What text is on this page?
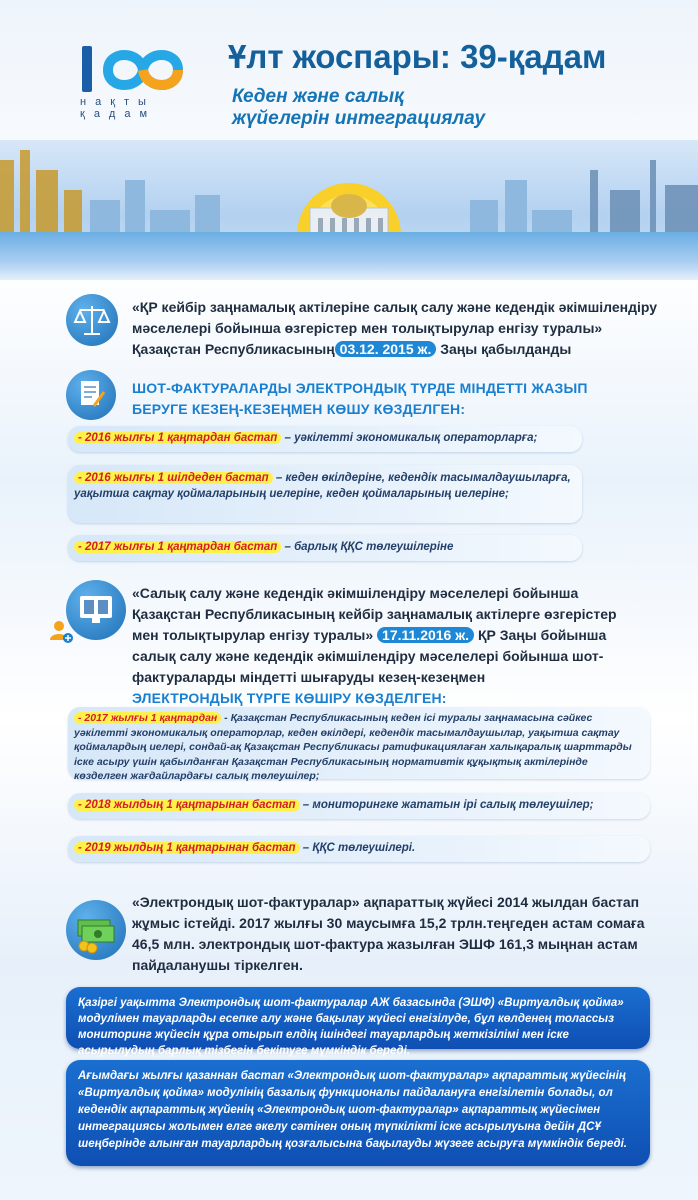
нақты
қадам
Ұлт жоспары: 39-қадам
Кеден және салық жүйелерін интеграциялау
«ҚР кейбір заңнамалық актілеріне салық салу және кедендік әкімшілендіру мәселелері бойынша өзгерістер мен толықтырулар енгізу туралы» Қазақстан Республикасының 03.12. 2015 ж. Заңы қабылданды
ШОТ-ФАКТУРАЛАРДЫ ЭЛЕКТРОНДЫҚ ТҮРДЕ МІНДЕТТІ ЖАЗЫП БЕРУГЕ КЕЗЕҢ-КЕЗЕҢМЕН КӨШУ КӨЗДЕЛГЕН:
- 2016 жылғы 1 қаңтардан бастап – уәкілетті экономикалық операторларға;
- 2016 жылғы 1 шілдеден бастап – кеден өкілдеріне, кедендік тасымалдаушыларға, уақытша сақтау қоймаларының иелеріне, кеден қоймаларының иелеріне;
- 2017 жылғы 1 қаңтардан бастап – барлық ҚҚС төлеушілеріне
«Салық салу және кедендік әкімшілендіру мәселелері бойынша Қазақстан Республикасының кейбір заңнамалық актілерге өзгерістер мен толықтырулар енгізу туралы» 17.11.2016 ж. ҚР Заңы бойынша салық салу және кедендік әкімшілендіру мәселелері бойынша шот-фактураларды міндетті шығаруды кезең-кезеңмен
ЭЛЕКТРОНДЫҚ ТҮРГЕ КӨШІРУ КӨЗДЕЛГЕН:
- 2017 жылғы 1 қаңтардан - Қазақстан Республикасының кеден ісі туралы заңнамасына сәйкес уәкілетті экономикалық операторлар, кеден өкілдері, кедендік тасымалдаушылар, уақытша сақтау қоймалардың иелері, сондай-ақ Қазақстан Республикасы ратификациялаған халықаралық шарттарды іске асыру үшін қабылданған Қазақстан Республикасының нормативтік құқықтық актілерінде көзделген жағдайлардағы салық төлеушілер;
- 2018 жылдың 1 қаңтарынан бастап – мониторингке жататын ірі салық төлеушілер;
- 2019 жылдың 1 қаңтарынан бастап – ҚҚС төлеушілері.
«Электрондық шот-фактуралар» ақпараттық жүйесі 2014 жылдан бастап жұмыс істейді. 2017 жылғы 30 маусымға 15,2 трлн.теңгеден астам сомаға 46,5 млн. электрондық шот-фактура жазылған ЭШФ 161,3 мыңнан астам пайдаланушы тіркелген.
Қазіргі уақытта Электрондық шот-фактуралар АЖ базасында (ЭШФ) «Виртуалдық қойма» модулімен тауарларды есепке алу және бақылау жүйесі енгізілуде, бұл көлденең толассыз мониторинг жүйесін құра отырып елдің ішіндегі тауарлардың жеткізілімі мен іске асырылудың барлық тізбегін бекітуге мүмкіндік береді.
Ағымдағы жылғы қазаннан бастап «Электрондық шот-фактуралар» ақпараттық жүйесінің «Виртуалдық қойма» модулінің базалық функционалы пайдалануға енгізілетін болады, ол кедендік ақпараттық жүйенің «Электрондық шот-фактуралар» ақпараттық жүйесімен интеграциясы жолымен елге әкелу сәтінен оның түпкілікті іске асырылуына дейін ДСҰ шеңберінде алынған тауарлардың қозғалысына бақылауды жүзеге асыруға мүмкіндік береді.
